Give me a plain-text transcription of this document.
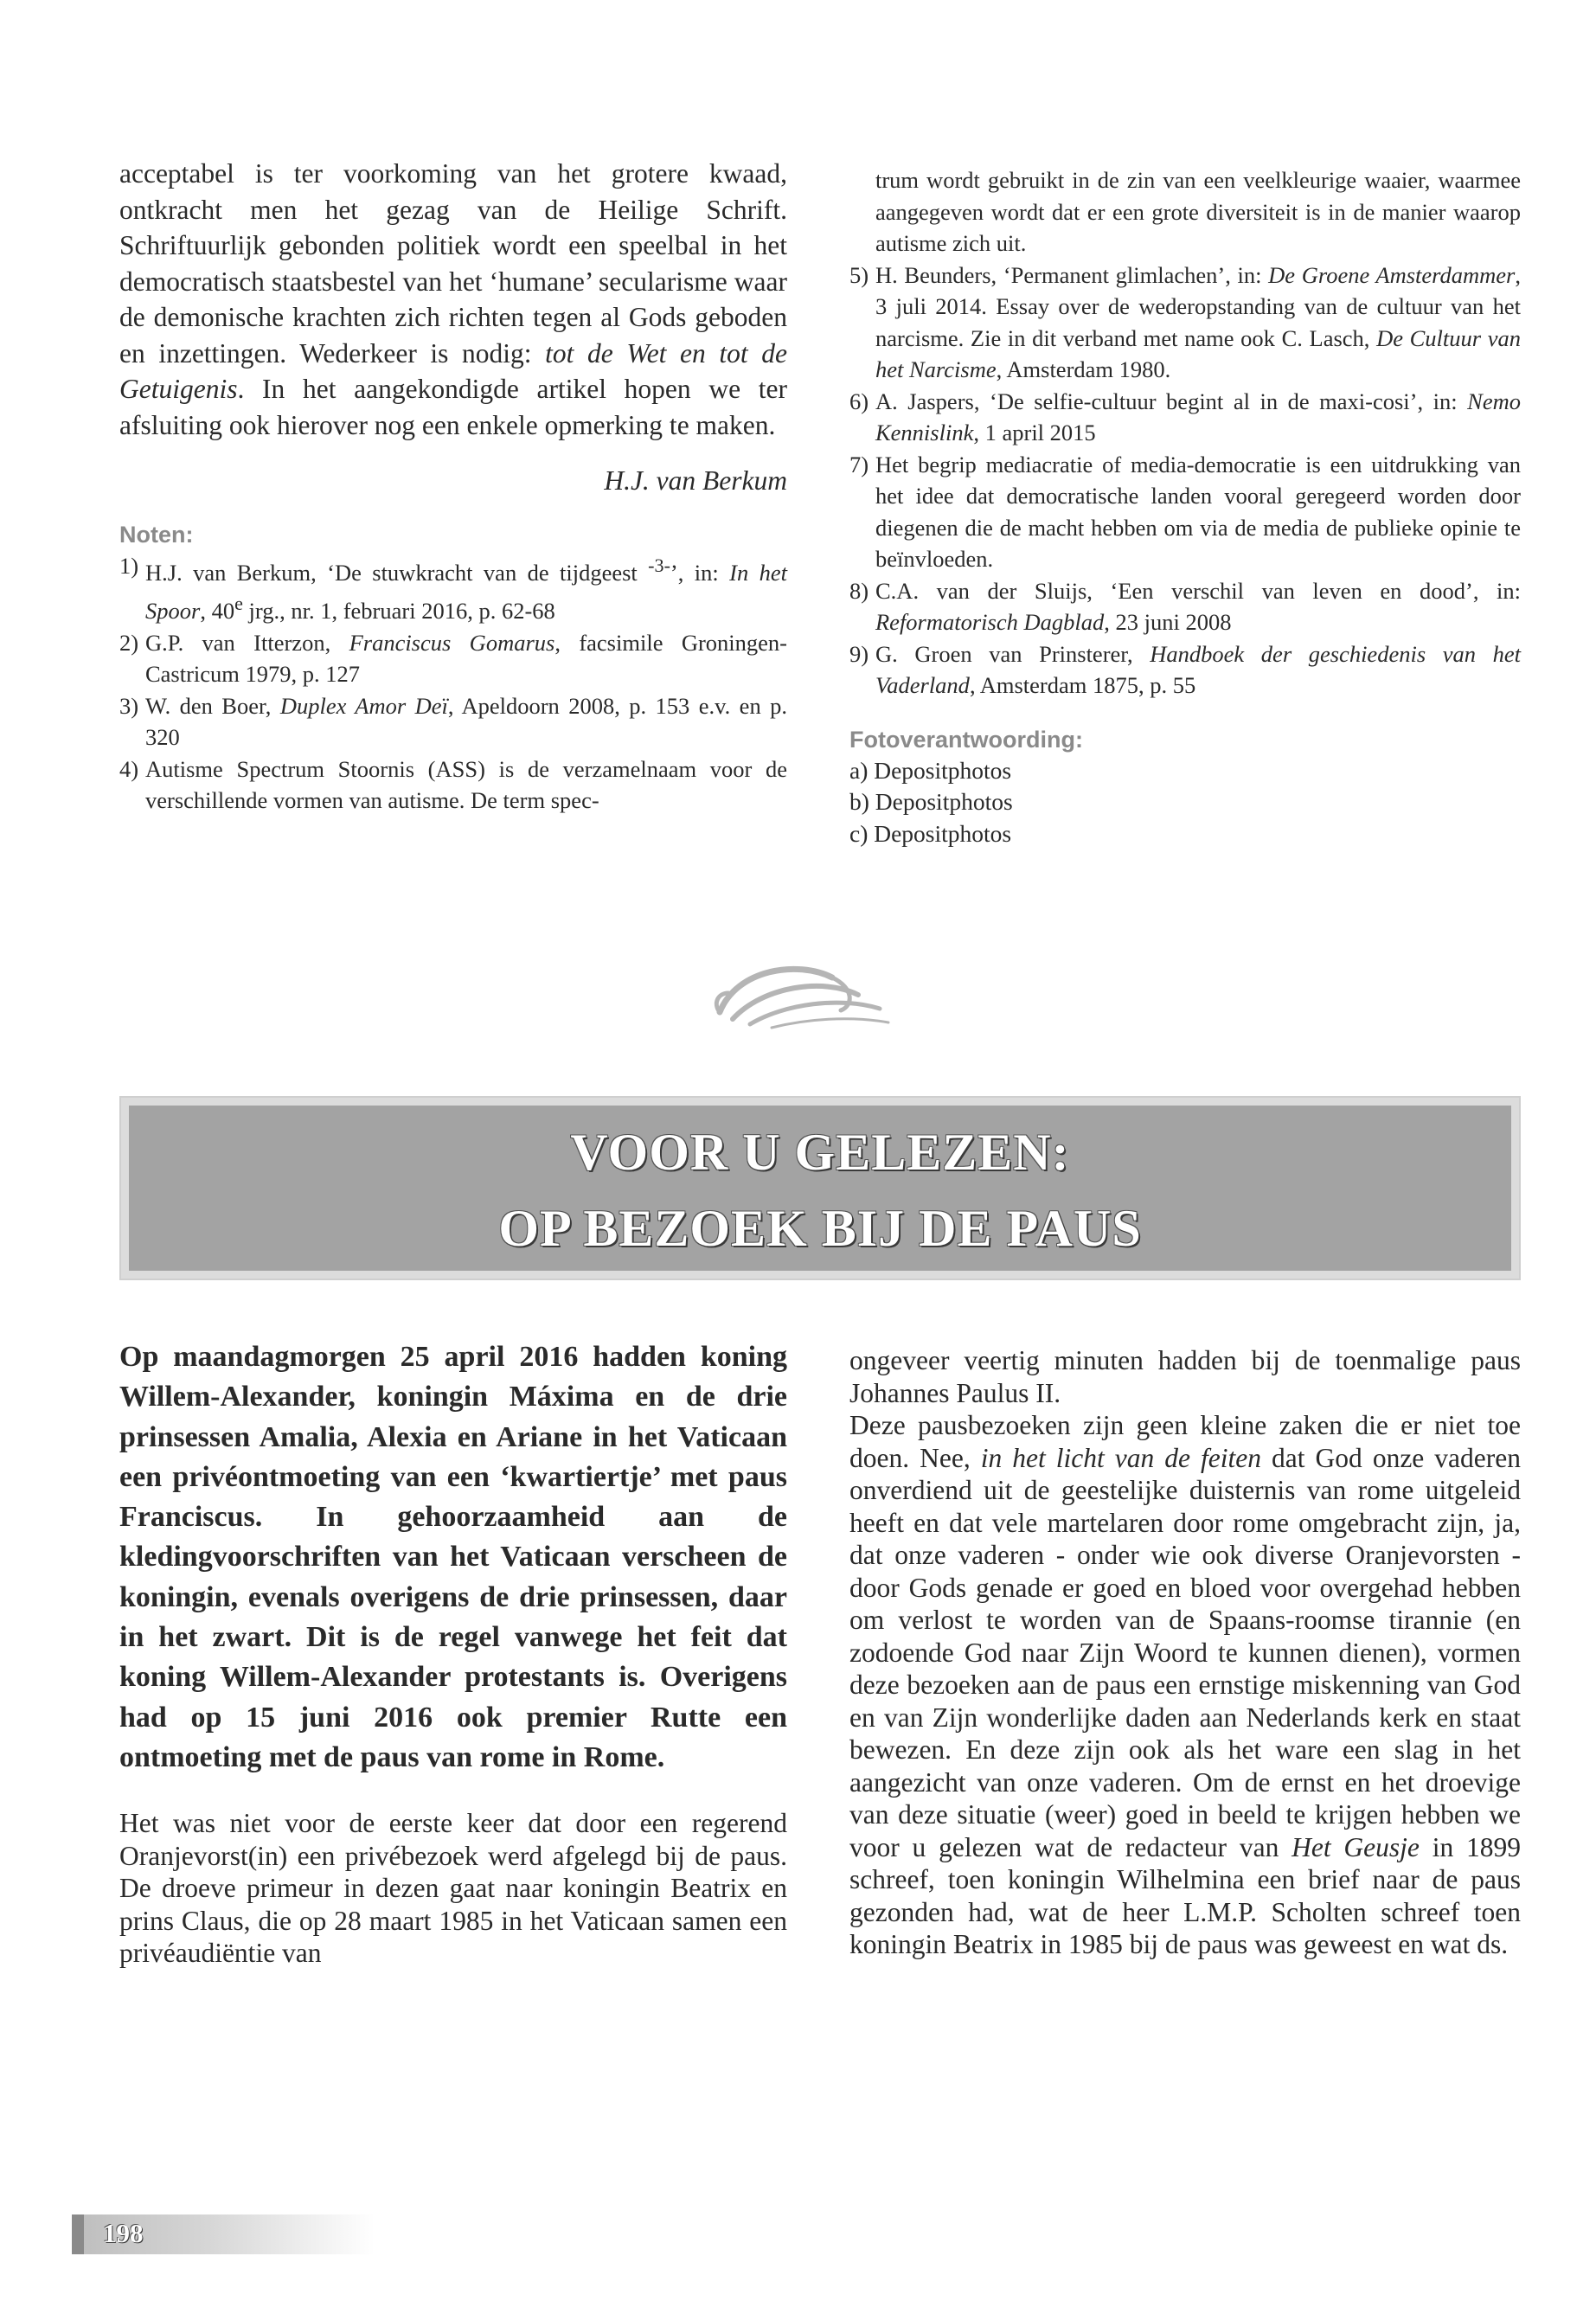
acceptabel is ter voorkoming van het grotere kwaad, ontkracht men het gezag van de Heilige Schrift. Schriftuurlijk gebonden politiek wordt een speelbal in het democratisch staatsbestel van het ‘humane’ secularisme waar de demonische krachten zich richten tegen al Gods geboden en inzettingen. Wederkeer is nodig: tot de Wet en tot de Getuigenis. In het aangekondigde artikel hopen we ter afsluiting ook hierover nog een enkele opmerking te maken.

H.J. van Berkum

Noten:

1) H.J. van Berkum, ‘De stuwkracht van de tijdgeest $^{-3-}$’, in: In het Spoor, 40e jrg., nr. 1, februari 2016, p. 62-68
2) G.P. van Itterzon, Franciscus Gomarus, facsimile Groningen-Castricum 1979, p. 127
3) W. den Boer, Duplex Amor Deï, Apeldoorn 2008, p. 153 e.v. en p. 320
4) Autisme Spectrum Stoornis (ASS) is de verzamelnaam voor de verschillende vormen van autisme. De term spec-
trum wordt gebruikt in de zin van een veelkleurige waaier, waarmee aangegeven wordt dat er een grote diversiteit is in de manier waarop autisme zich uit.
5) H. Beunders, ‘Permanent glimlachen’, in: De Groene Amsterdammer, 3 juli 2014. Essay over de wederopstanding van de cultuur van het narcisme. Zie in dit verband met name ook C. Lasch, De Cultuur van het Narcisme, Amsterdam 1980.
6) A. Jaspers, ‘De selfie-cultuur begint al in de maxi-cosi’, in: Nemo Kennislink, 1 april 2015
7) Het begrip mediacratie of media-democratie is een uitdrukking van het idee dat democratische landen vooral geregeerd worden door diegenen die de macht hebben om via de media de publieke opinie te beïnvloeden.
8) C.A. van der Sluijs, ‘Een verschil van leven en dood’, in: Reformatorisch Dagblad, 23 juni 2008
9) G. Groen van Prinsterer, Handboek der geschiedenis van het Vaderland, Amsterdam 1875, p. 55

Fotoverantwoording:

a) Depositphotos
b) Depositphotos
c) Depositphotos
VOOR U GELEZEN:
OP BEZOEK BIJ DE PAUS

Op maandagmorgen 25 april 2016 hadden koning Willem-Alexander, koningin Máxima en de drie prinsessen Amalia, Alexia en Ariane in het Vaticaan een privéontmoeting van een ‘kwartiertje’ met paus Franciscus. In gehoorzaamheid aan de kledingvoorschriften van het Vaticaan verscheen de koningin, evenals overigens de drie prinsessen, daar in het zwart. Dit is de regel vanwege het feit dat koning Willem-Alexander protestants is. Overigens had op 15 juni 2016 ook premier Rutte een ontmoeting met de paus van rome in Rome.

Het was niet voor de eerste keer dat door een regerend Oranjevorst(in) een privébezoek werd afgelegd bij de paus. De droeve primeur in dezen gaat naar koningin Beatrix en prins Claus, die op 28 maart 1985 in het Vaticaan samen een privéaudiëntie van

ongeveer veertig minuten hadden bij de toenmalige paus Johannes Paulus II.

Deze pausbezoeken zijn geen kleine zaken die er niet toe doen. Nee, in het licht van de feiten dat God onze vaderen onverdiend uit de geestelijke duisternis van rome uitgeleid heeft en dat vele martelaren door rome omgebracht zijn, ja, dat onze vaderen - onder wie ook diverse Oranjevorsten - door Gods genade er goed en bloed voor overgehad hebben om verlost te worden van de Spaans-roomse tirannie (en zodoende God naar Zijn Woord te kunnen dienen), vormen deze bezoeken aan de paus een ernstige miskenning van God en van Zijn wonderlijke daden aan Nederlands kerk en staat bewezen. En deze zijn ook als het ware een slag in het aangezicht van onze vaderen. Om de ernst en het droevige van deze situatie (weer) goed in beeld te krijgen hebben we voor u gelezen wat de redacteur van Het Geusje in 1899 schreef, toen koningin Wilhelmina een brief naar de paus gezonden had, wat de heer L.M.P. Scholten schreef toen koningin Beatrix in 1985 bij de paus was geweest en wat ds.

198
